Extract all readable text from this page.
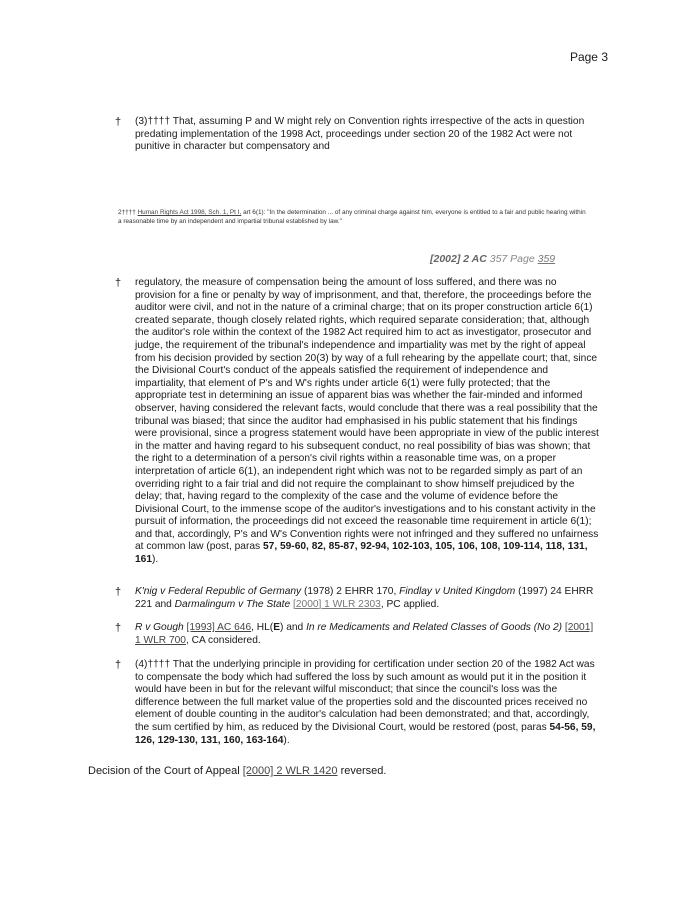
Page 3
†	(3)†††† That, assuming P and W might rely on Convention rights irrespective of the acts in question predating implementation of the 1998 Act, proceedings under section 20 of the 1982 Act were not punitive in character but compensatory and
2†††† Human Rights Act 1998, Sch. 1, Pt I, art 6(1): "In the determination ... of any criminal charge against him, everyone is entitled to a fair and public hearing within a reasonable time by an independent and impartial tribunal established by law."
[2002] 2 AC 357 Page 359
†	regulatory, the measure of compensation being the amount of loss suffered, and there was no provision for a fine or penalty by way of imprisonment, and that, therefore, the proceedings before the auditor were civil, and not in the nature of a criminal charge; that on its proper construction article 6(1) created separate, though closely related rights, which required separate consideration; that, although the auditor's role within the context of the 1982 Act required him to act as investigator, prosecutor and judge, the requirement of the tribunal's independence and impartiality was met by the right of appeal from his decision provided by section 20(3) by way of a full rehearing by the appellate court; that, since the Divisional Court's conduct of the appeals satisfied the requirement of independence and impartiality, that element of P's and W's rights under article 6(1) were fully protected; that the appropriate test in determining an issue of apparent bias was whether the fair-minded and informed observer, having considered the relevant facts, would conclude that there was a real possibility that the tribunal was biased; that since the auditor had emphasised in his public statement that his findings were provisional, since a progress statement would have been appropriate in view of the public interest in the matter and having regard to his subsequent conduct, no real possibility of bias was shown; that the right to a determination of a person's civil rights within a reasonable time was, on a proper interpretation of article 6(1), an independent right which was not to be regarded simply as part of an overriding right to a fair trial and did not require the complainant to show himself prejudiced by the delay; that, having regard to the complexity of the case and the volume of evidence before the Divisional Court, to the immense scope of the auditor's investigations and to his constant activity in the pursuit of information, the proceedings did not exceed the reasonable time requirement in article 6(1); and that, accordingly, P's and W's Convention rights were not infringed and they suffered no unfairness at common law (post, paras 57, 59-60, 82, 85-87, 92-94, 102-103, 105, 106, 108, 109-114, 118, 131, 161).
†	K'nig v Federal Republic of Germany (1978) 2 EHRR 170, Findlay v United Kingdom (1997) 24 EHRR 221 and Darmalingum v The State [2000] 1 WLR 2303, PC applied.
†	R v Gough [1993] AC 646, HL(E) and In re Medicaments and Related Classes of Goods (No 2) [2001] 1 WLR 700, CA considered.
†	(4)†††† That the underlying principle in providing for certification under section 20 of the 1982 Act was to compensate the body which had suffered the loss by such amount as would put it in the position it would have been in but for the relevant wilful misconduct; that since the council's loss was the difference between the full market value of the properties sold and the discounted prices received no element of double counting in the auditor's calculation had been demonstrated; and that, accordingly, the sum certified by him, as reduced by the Divisional Court, would be restored (post, paras 54-56, 59, 126, 129-130, 131, 160, 163-164).
Decision of the Court of Appeal [2000] 2 WLR 1420 reversed.
